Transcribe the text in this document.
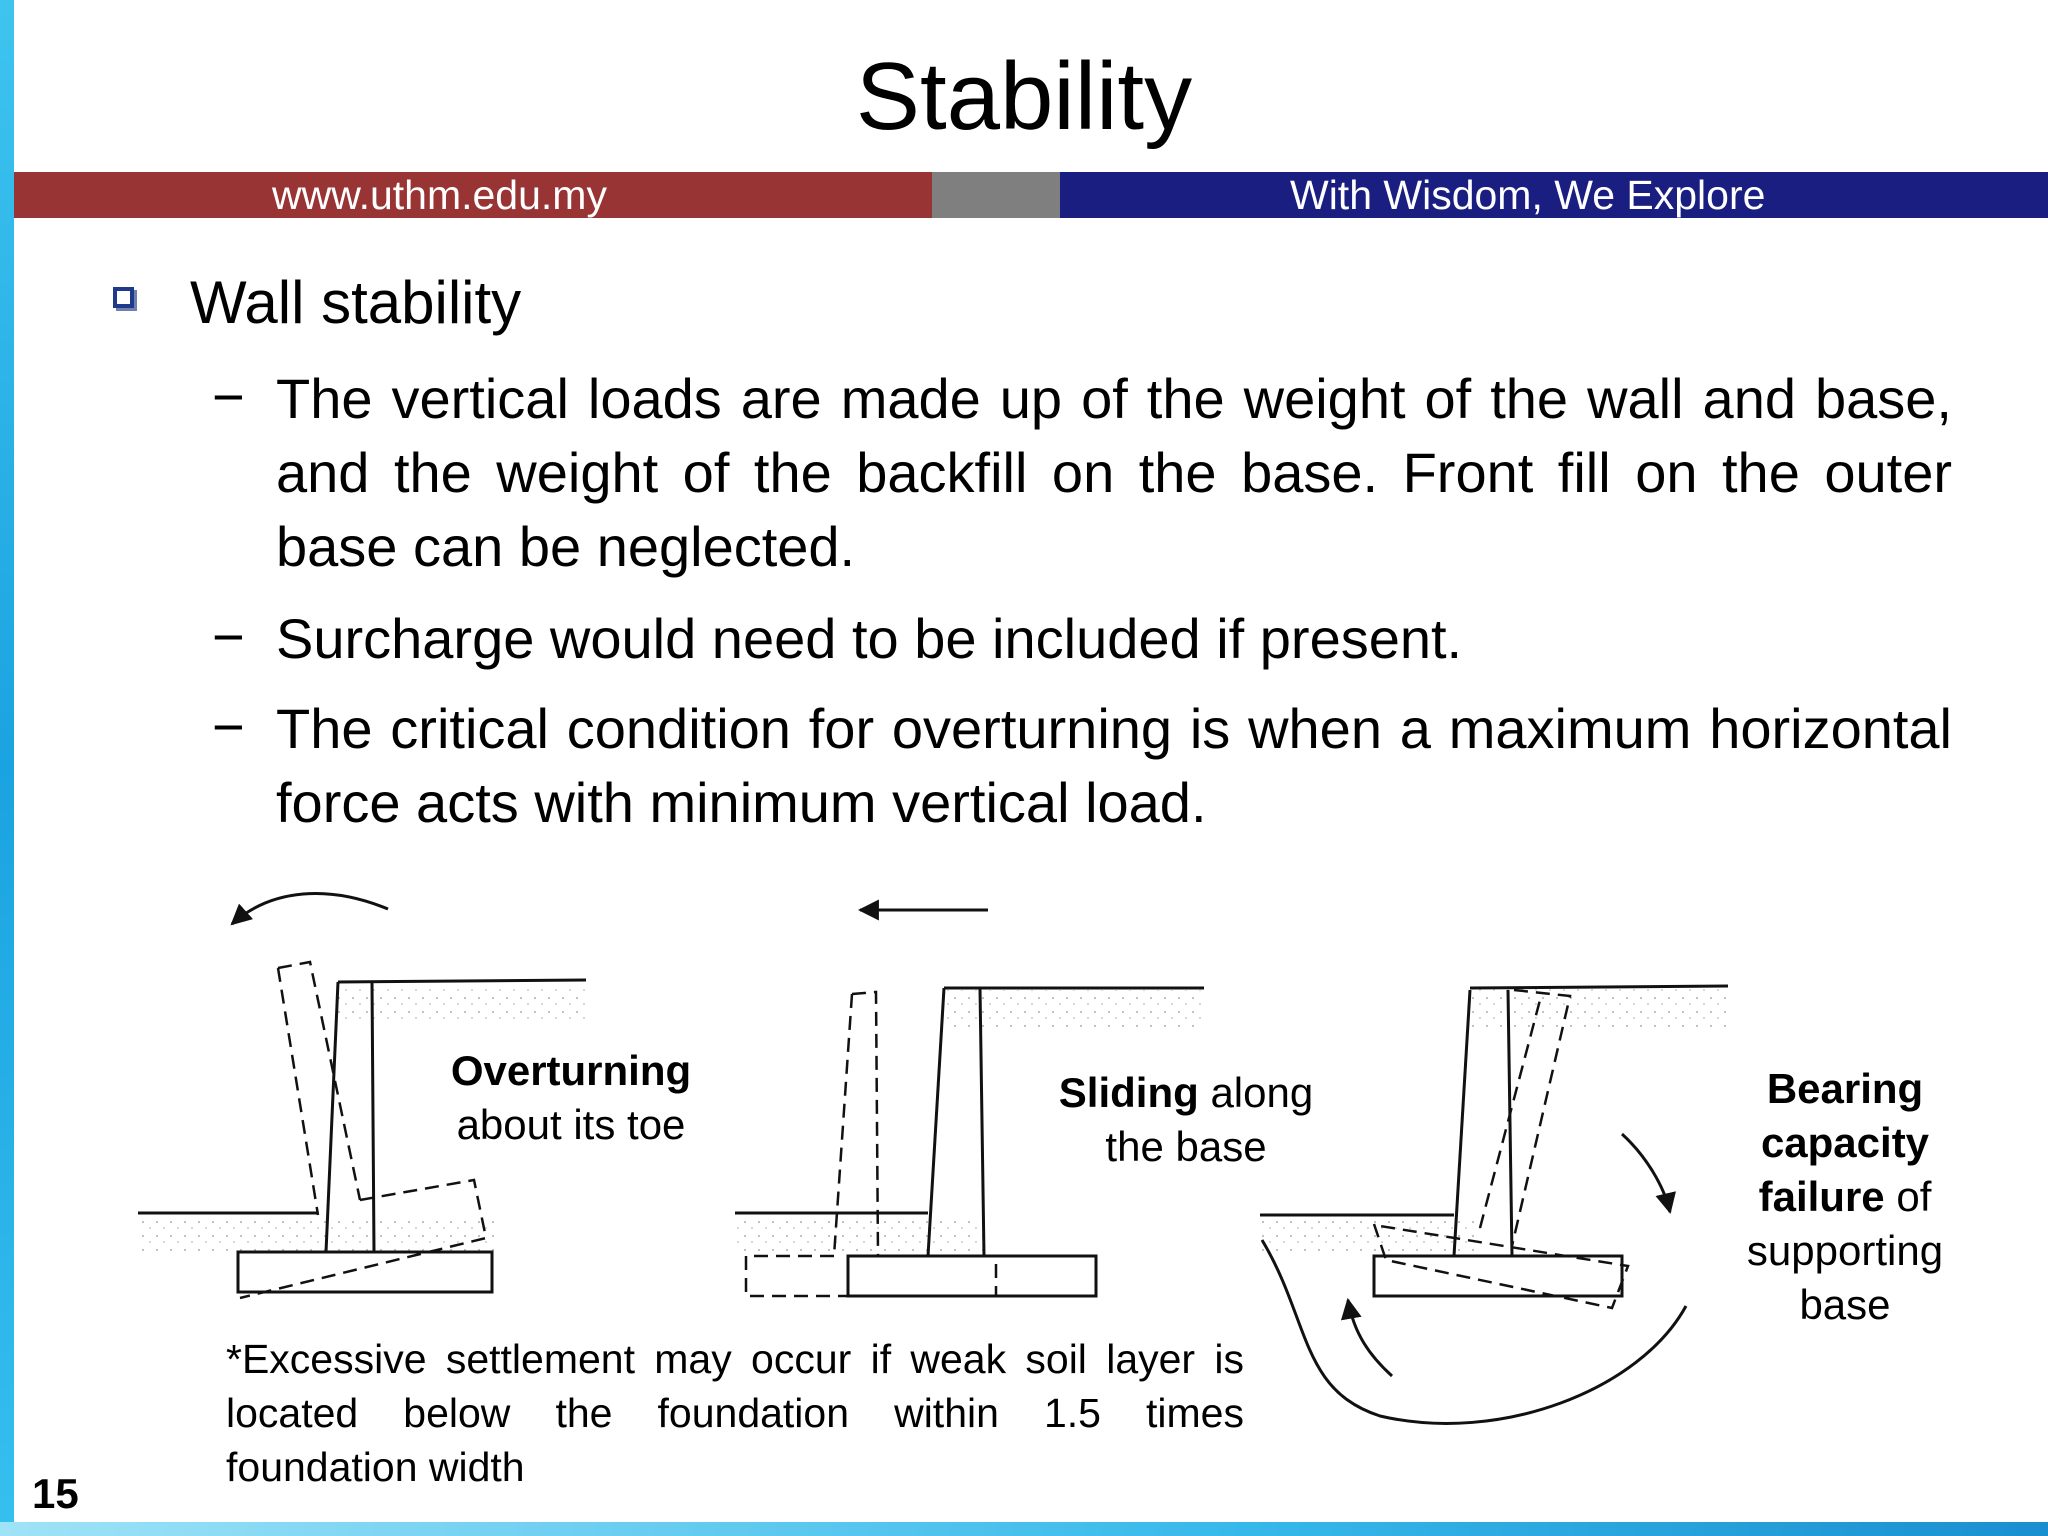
Stability
www.uthm.edu.my	With Wisdom, We Explore
Wall stability
− The vertical loads are made up of the weight of the wall and base, and the weight of the backfill on the base. Front fill on the outer base can be neglected.
− Surcharge would need to be included if present.
− The critical condition for overturning is when a maximum horizontal force acts with minimum vertical load.
Overturning
about its toe
Sliding along
the base
Bearing
capacity
failure of
supporting
base
*Excessive settlement may occur if weak soil layer is located below the foundation within 1.5 times foundation width
15
